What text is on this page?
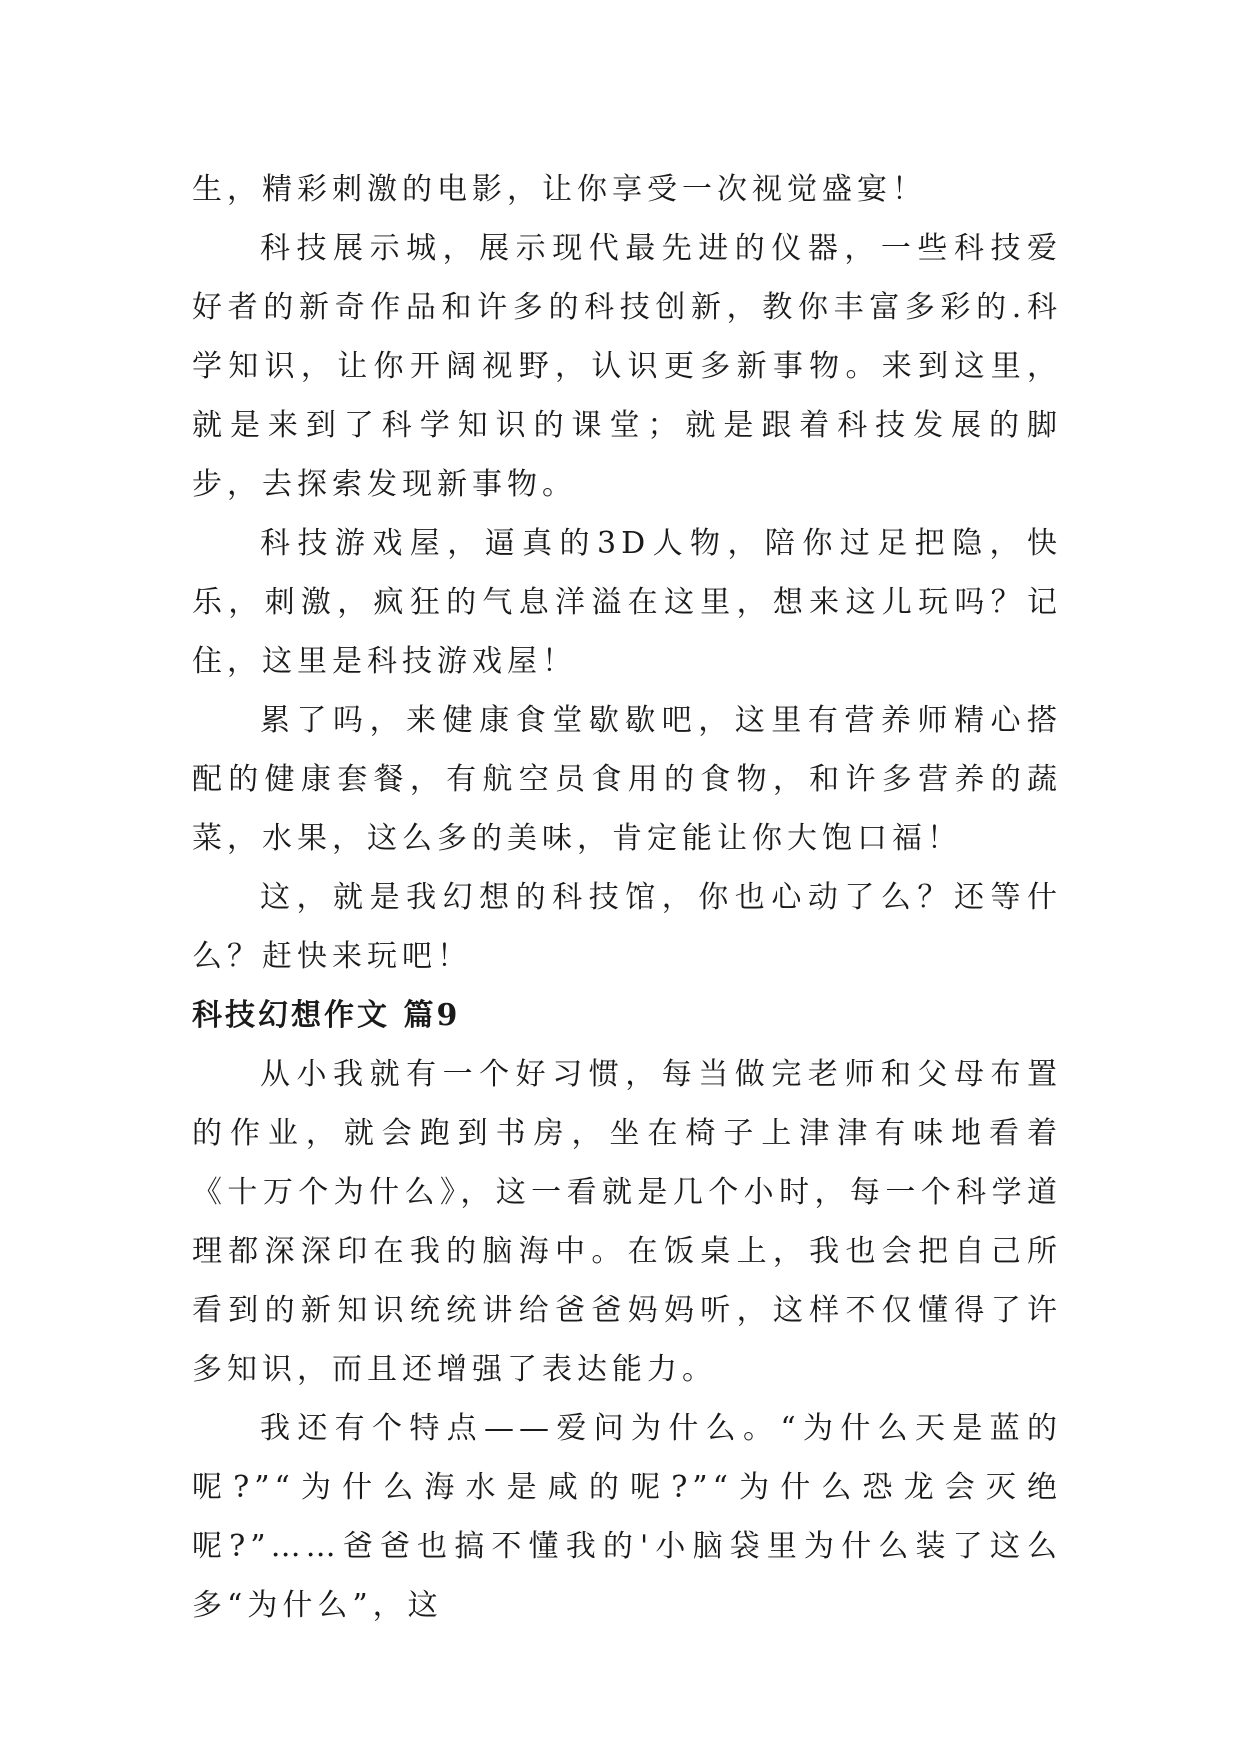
生，精彩刺激的电影，让你享受一次视觉盛宴！

科技展示城，展示现代最先进的仪器，一些科技爱好者的新奇作品和许多的科技创新，教你丰富多彩的.科学知识，让你开阔视野，认识更多新事物。来到这里，就是来到了科学知识的课堂；就是跟着科技发展的脚步，去探索发现新事物。

科技游戏屋，逼真的3D人物，陪你过足把隐，快乐，刺激，疯狂的气息洋溢在这里，想来这儿玩吗？记住，这里是科技游戏屋！

累了吗，来健康食堂歇歇吧，这里有营养师精心搭配的健康套餐，有航空员食用的食物，和许多营养的蔬菜，水果，这么多的美味，肯定能让你大饱口福！

这，就是我幻想的科技馆，你也心动了么？还等什么？赶快来玩吧！

科技幻想作文 篇9

从小我就有一个好习惯，每当做完老师和父母布置的作业，就会跑到书房，坐在椅子上津津有味地看着《十万个为什么》，这一看就是几个小时，每一个科学道理都深深印在我的脑海中。在饭桌上，我也会把自己所看到的新知识统统讲给爸爸妈妈听，这样不仅懂得了许多知识，而且还增强了表达能力。

我还有个特点——爱问为什么。“为什么天是蓝的呢?”“为什么海水是咸的呢?”“为什么恐龙会灭绝呢?”……爸爸也搞不懂我的'小脑袋里为什么装了这么多“为什么”，这
